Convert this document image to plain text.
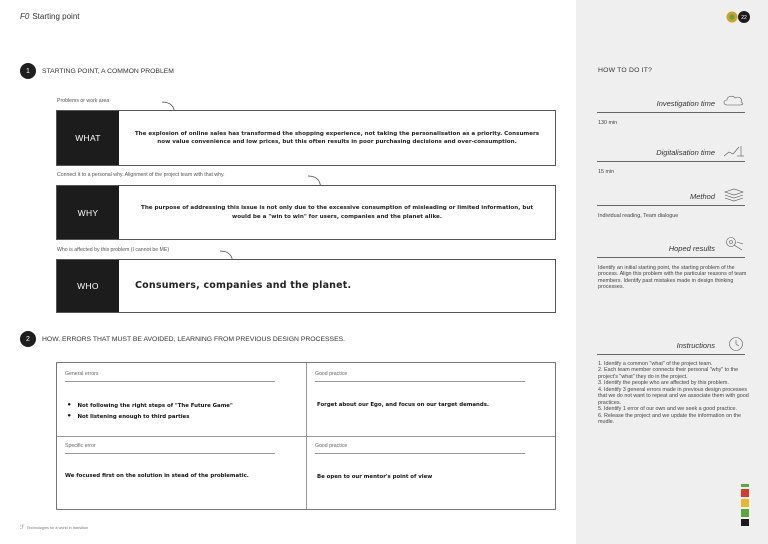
F0 Starting point
1	STARTING POINT, A COMMON PROBLEM
Problems or work area
WHAT	The explosion of online sales has transformed the shopping experience, not taking the personalisation as a priority. Consumers now value convenience and low prices, but this often results in poor purchasing decisions and over-consumption.
Connect it to a personal why. Alignment of the project team with that why.
WHY	The purpose of addressing this issue is not only due to the excessive consumption of misleading or limited information, but would be a "win to win" for users, companies and the planet alike.
Who is affected by this problem (I cannot be ME)
WHO	Consumers, companies and the planet.
2	HOW. ERRORS THAT MUST BE AVOIDED, LEARNING FROM PREVIOUS DESIGN PROCESSES.
General errors
• Not following the right steps of "The Future Game"
• Not listening enough to third parties
Good practice
Forget about our Ego, and focus on our target demands.
Specific error
We focused first on the solution in stead of the problematic.
Good practice
Be open to our mentor's point of view
ℱ Technologies for a world in transition
22
HOW TO DO IT?
Investigation time
130 min
Digitalisation time
15 min
Method
Individual reading, Team dialogue
Hoped results
Identify an initial starting point, the starting problem of the process. Align this problem with the particular reasons of team members. Identify past mistakes made in design thinking processes.
Instructions
1. Identify a common "what" of the project team.
2. Each team member connects their personal "why" to the project's "what" they do in the project.
3. Identify the people who are affected by this problem.
4. Identify 3 general errors made in previous design processes that we do not want to repeat and we associate them with good practices.
5. Identify 1 error of our own and we seek a good practice.
6. Release the project and we update the information on the mudle.
